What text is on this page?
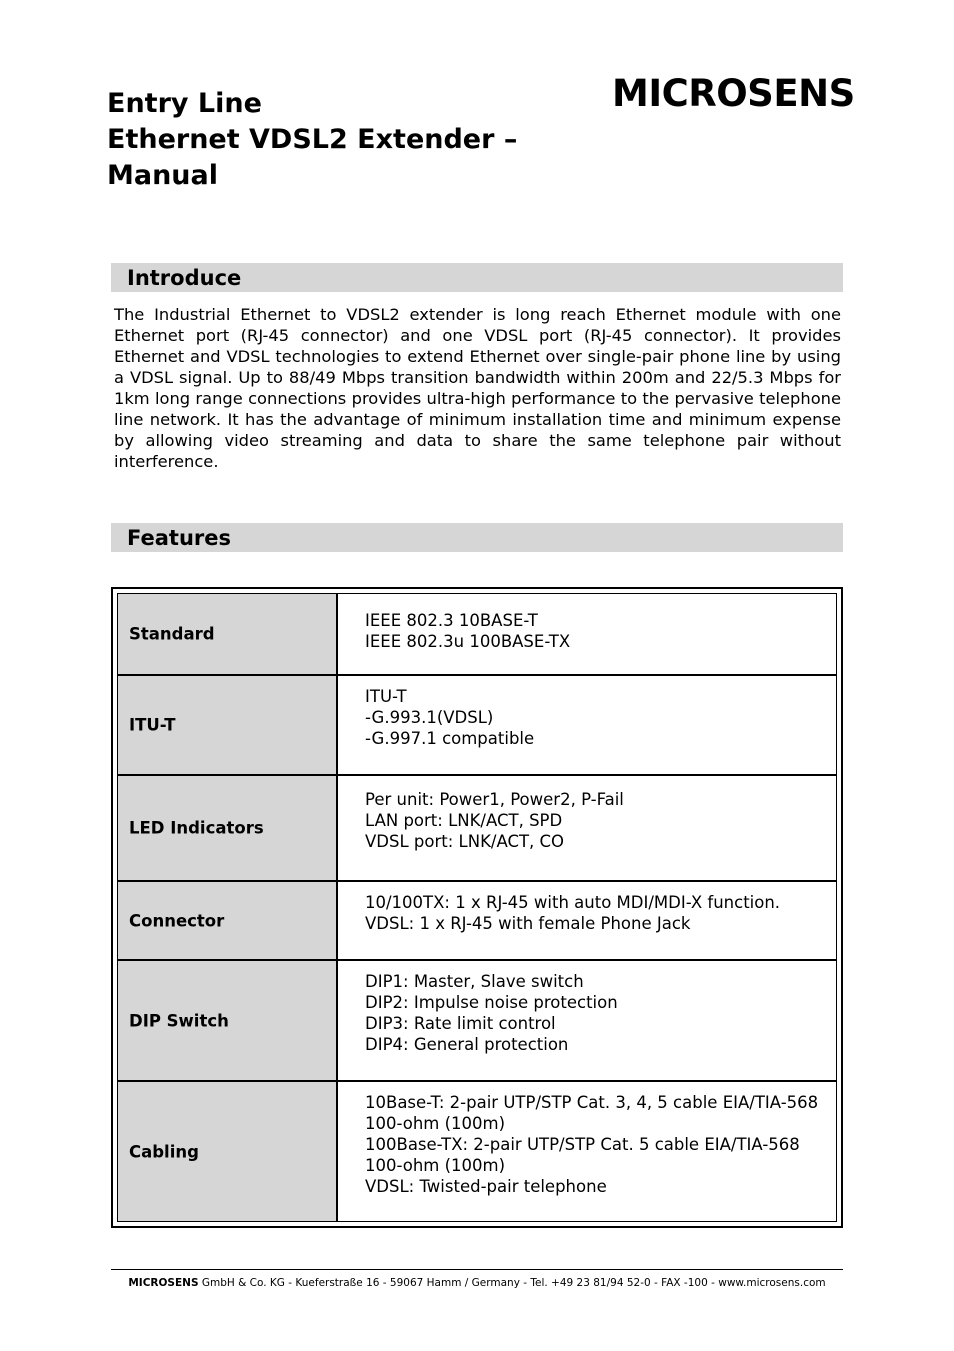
Entry Line
Ethernet VDSL2 Extender –
Manual
MICROSENS
Introduce
The Industrial Ethernet to VDSL2 extender is long reach Ethernet module with one Ethernet port (RJ-45 connector) and one VDSL port (RJ-45 connector). It provides Ethernet and VDSL technologies to extend Ethernet over single-pair phone line by using a VDSL signal. Up to 88/49 Mbps transition bandwidth within 200m and 22/5.3 Mbps for 1km long range connections provides ultra-high performance to the pervasive telephone line network. It has the advantage of minimum installation time and minimum expense by allowing video streaming and data to share the same telephone pair without interference.
Features
Standard
IEEE 802.3 10BASE-T
IEEE 802.3u 100BASE-TX
ITU-T
ITU-T
-G.993.1(VDSL)
-G.997.1 compatible
LED Indicators
Per unit: Power1, Power2, P-Fail
LAN port: LNK/ACT, SPD
VDSL port: LNK/ACT, CO
Connector
10/100TX: 1 x RJ-45 with auto MDI/MDI-X function.
VDSL: 1 x RJ-45 with female Phone Jack
DIP Switch
DIP1: Master, Slave switch
DIP2: Impulse noise protection
DIP3: Rate limit control
DIP4: General protection
Cabling
10Base-T: 2-pair UTP/STP Cat. 3, 4, 5 cable EIA/TIA-568 100-ohm (100m)
100Base-TX: 2-pair UTP/STP Cat. 5 cable EIA/TIA-568 100-ohm (100m)
VDSL: Twisted-pair telephone
MICROSENS GmbH & Co. KG - Kueferstraße 16 - 59067 Hamm / Germany - Tel. +49 23 81/94 52-0 - FAX -100 - www.microsens.com
